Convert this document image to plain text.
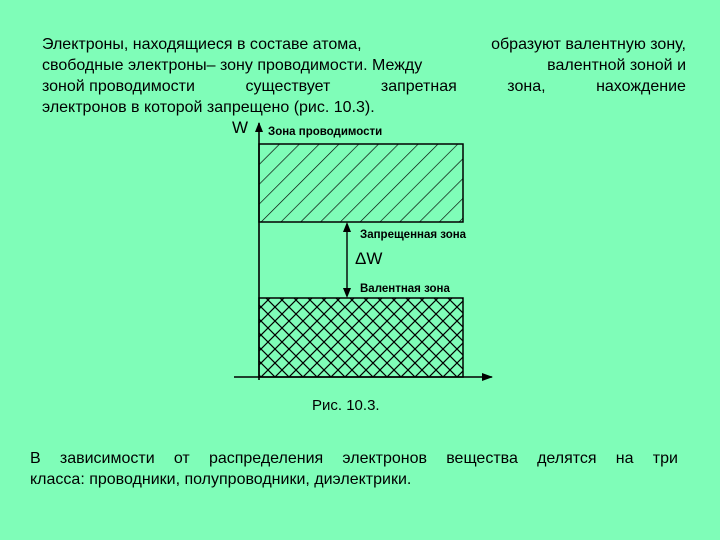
Электроны, находящиеся в составе атома,	образуют валентную зону,
свободные электроны– зону проводимости. Между	валентной зоной и
зоной проводимости	существует	запретная	зона,	нахождение
электронов в которой запрещено (рис. 10.3).
W Зона проводимости
Запрещенная зона
ΔW
Валентная зона
Рис. 10.3.
В зависимости от распределения электронов вещества делятся на три
класса: проводники, полупроводники, диэлектрики.
